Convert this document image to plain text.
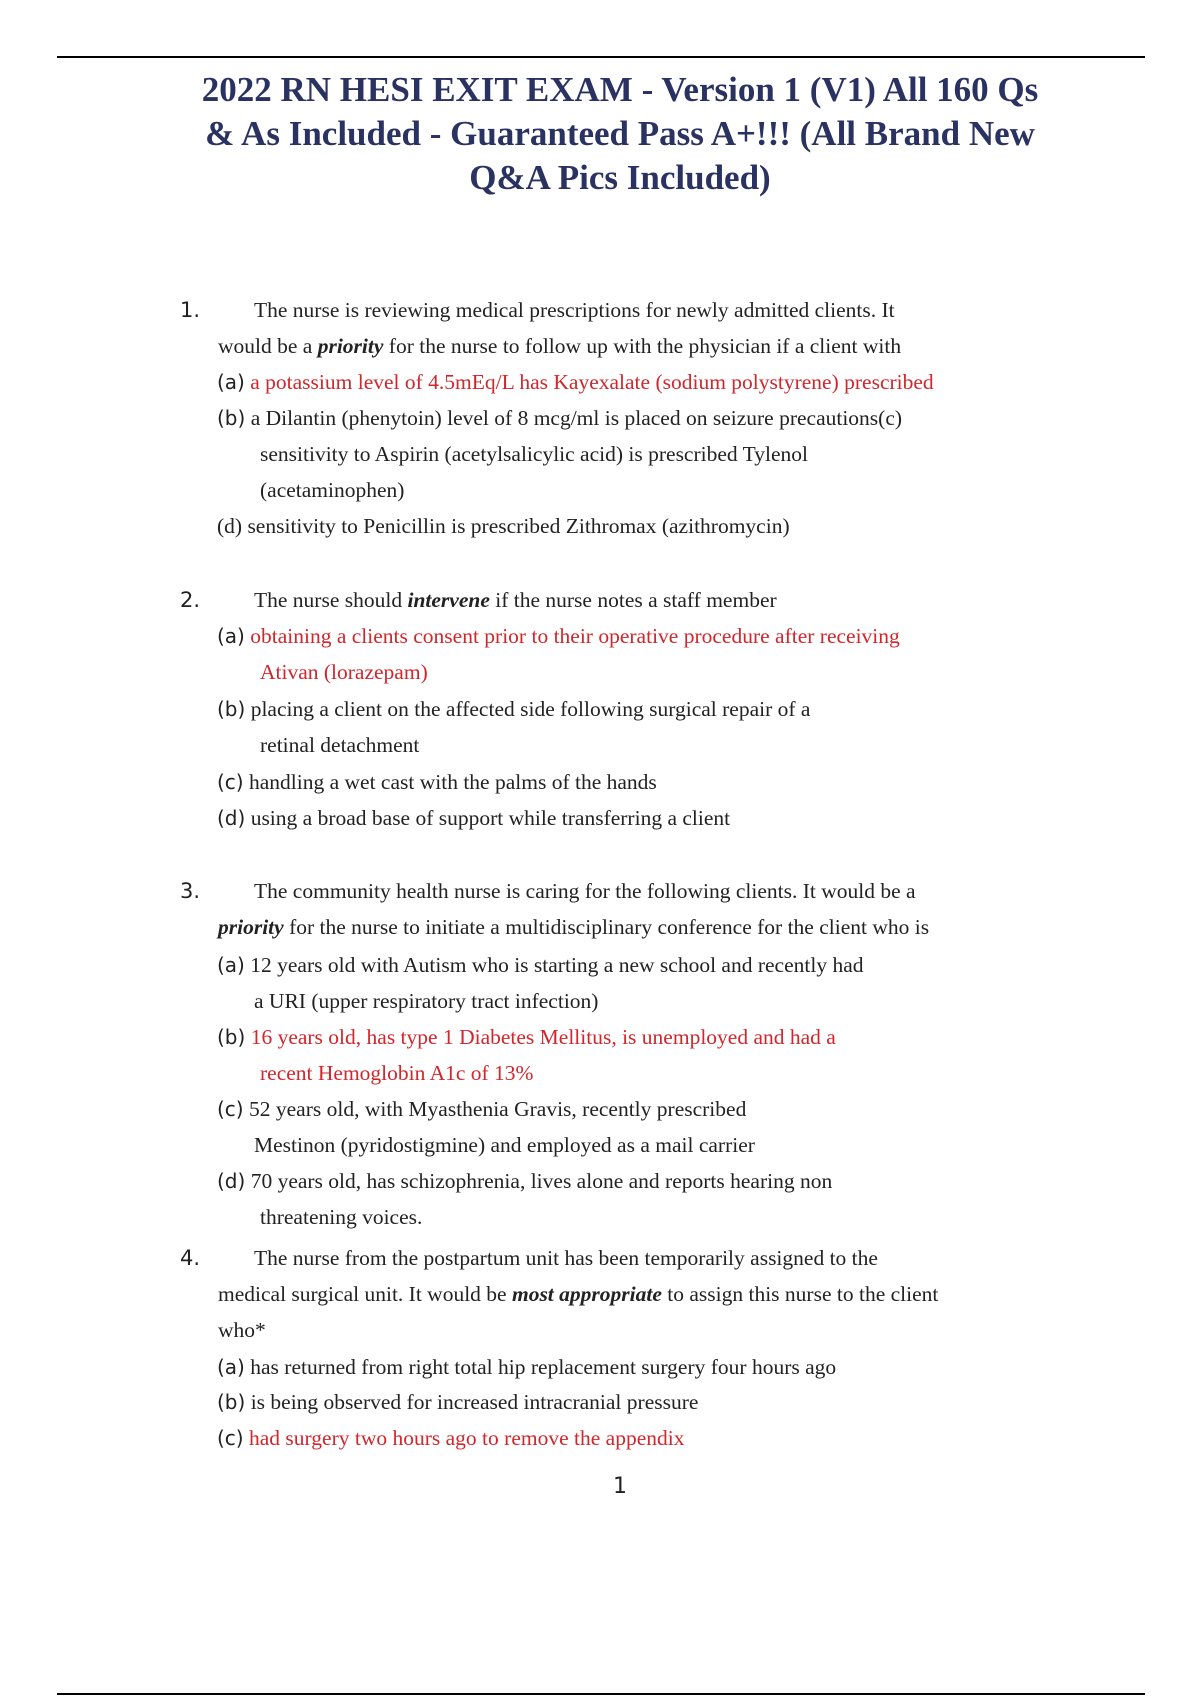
2022 RN HESI EXIT EXAM - Version 1 (V1) All 160 Qs
& As Included - Guaranteed Pass A+!!! (All Brand New
Q&A Pics Included)
1.	The nurse is reviewing medical prescriptions for newly admitted clients. It
would be a priority for the nurse to follow up with the physician if a client with
(a) a potassium level of 4.5mEq/L has Kayexalate (sodium polystyrene) prescribed
(b) a Dilantin (phenytoin) level of 8 mcg/ml is placed on seizure precautions(c)
sensitivity to Aspirin (acetylsalicylic acid) is prescribed Tylenol
(acetaminophen)
(d) sensitivity to Penicillin is prescribed Zithromax (azithromycin)
2.	The nurse should intervene if the nurse notes a staff member
(a) obtaining a clients consent prior to their operative procedure after receiving
Ativan (lorazepam)
(b) placing a client on the affected side following surgical repair of a
retinal detachment
(c) handling a wet cast with the palms of the hands
(d) using a broad base of support while transferring a client
3.	The community health nurse is caring for the following clients. It would be a
priority for the nurse to initiate a multidisciplinary conference for the client who is
(a) 12 years old with Autism who is starting a new school and recently had
a URI (upper respiratory tract infection)
(b) 16 years old, has type 1 Diabetes Mellitus, is unemployed and had a
recent Hemoglobin A1c of 13%
(c) 52 years old, with Myasthenia Gravis, recently prescribed
Mestinon (pyridostigmine) and employed as a mail carrier
(d) 70 years old, has schizophrenia, lives alone and reports hearing non
threatening voices.
4.	The nurse from the postpartum unit has been temporarily assigned to the
medical surgical unit. It would be most appropriate to assign this nurse to the client
who*
(a) has returned from right total hip replacement surgery four hours ago
(b) is being observed for increased intracranial pressure
(c) had surgery two hours ago to remove the appendix
1
